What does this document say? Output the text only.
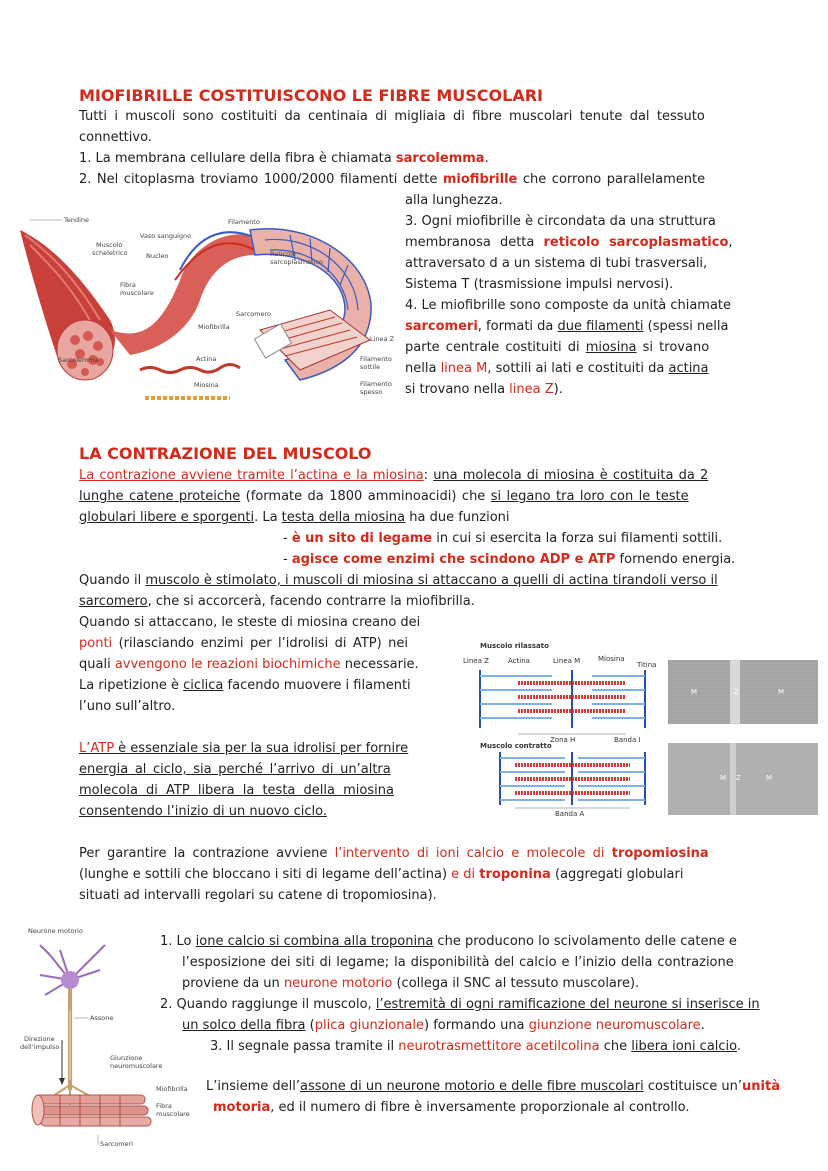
MIOFIBRILLE COSTITUISCONO LE FIBRE MUSCOLARI
Tutti i muscoli sono costituiti da centinaia di migliaia di fibre muscolari tenute dal tessuto
connettivo.
1. La membrana cellulare della fibra è chiamata sarcolemma.
2. Nel citoplasma troviamo 1000/2000 filamenti dette miofibrille che corrono parallelamente
alla lunghezza.
3. Ogni miofibrille è circondata da una struttura
membranosa detta reticolo sarcoplasmatico,
attraversato d a un sistema di tubi trasversali,
Sistema T (trasmissione impulsi nervosi).
4. Le miofibrille sono composte da unità chiamate
sarcomeri, formati da due filamenti (spessi nella
parte centrale costituiti di miosina si trovano
nella linea M, sottili ai lati e costituiti da actina
si trovano nella linea Z).
Tendine
Vaso sanguigno
Filamento
Muscolo
scheletrico	Nucleo	Reticolo
sarcoplasmatico
Fibra
muscolare
Sarcomero
Miofibrilla
Linea Z
Sarcolemma	Actina	Filamento
sottile
Miosina	Filamento
spesso
LA CONTRAZIONE DEL MUSCOLO
La contrazione avviene tramite l’actina e la miosina: una molecola di miosina è costituita da 2
lunghe catene proteiche (formate da 1800 amminoacidi) che si legano tra loro con le teste
globulari libere e sporgenti. La testa della miosina ha due funzioni
- è un sito di legame in cui si esercita la forza sui filamenti sottili.
- agisce come enzimi che scindono ADP e ATP fornendo energia.
Quando il muscolo è stimolato, i muscoli di miosina si attaccano a quelli di actina tirandoli verso il
sarcomero, che si accorcerà, facendo contrarre la miofibrilla.
Quando si attaccano, le steste di miosina creano dei
ponti (rilasciando enzimi per l’idrolisi di ATP) nei
quali avvengono le reazioni biochimiche necessarie.
La ripetizione è ciclica facendo muovere i filamenti
l’uno sull’altro.
L’ATP è essenziale sia per la sua idrolisi per fornire
energia al ciclo, sia perché l’arrivo di un’altra
molecola di ATP libera la testa della miosina
consentendo l’inizio di un nuovo ciclo.
Muscolo rilassato
Linea Z	Actina	Linea M	Miosina
Titina
Zona H	Banda I
Muscolo contratto
Banda A
M	Z	M
M Z	M
Per garantire la contrazione avviene l’intervento di ioni calcio e molecole di tropomiosina
(lunghe e sottili che bloccano i siti di legame dell’actina) e di troponina (aggregati globulari
situati ad intervalli regolari su catene di tropomiosina).
1. Lo ione calcio si combina alla troponina che producono lo scivolamento delle catene e
l’esposizione dei siti di legame; la disponibilità del calcio e l’inizio della contrazione
proviene da un neurone motorio (collega il SNC al tessuto muscolare).
2. Quando raggiunge il muscolo, l’estremità di ogni ramificazione del neurone si inserisce in
un solco della fibra (plica giunzionale) formando una giunzione neuromuscolare.
3. Il segnale passa tramite il neurotrasmettitore acetilcolina che libera ioni calcio.
L’insieme dell’assone di un neurone motorio e delle fibre muscolari costituisce un’unità
motoria, ed il numero di fibre è inversamente proporzionale al controllo.
Neurone motorio
Assone
Direzione
dell’impulso
Giunzione
neuromuscolare
Miofibrilla
Fibra
muscolare
Sarcomeri
